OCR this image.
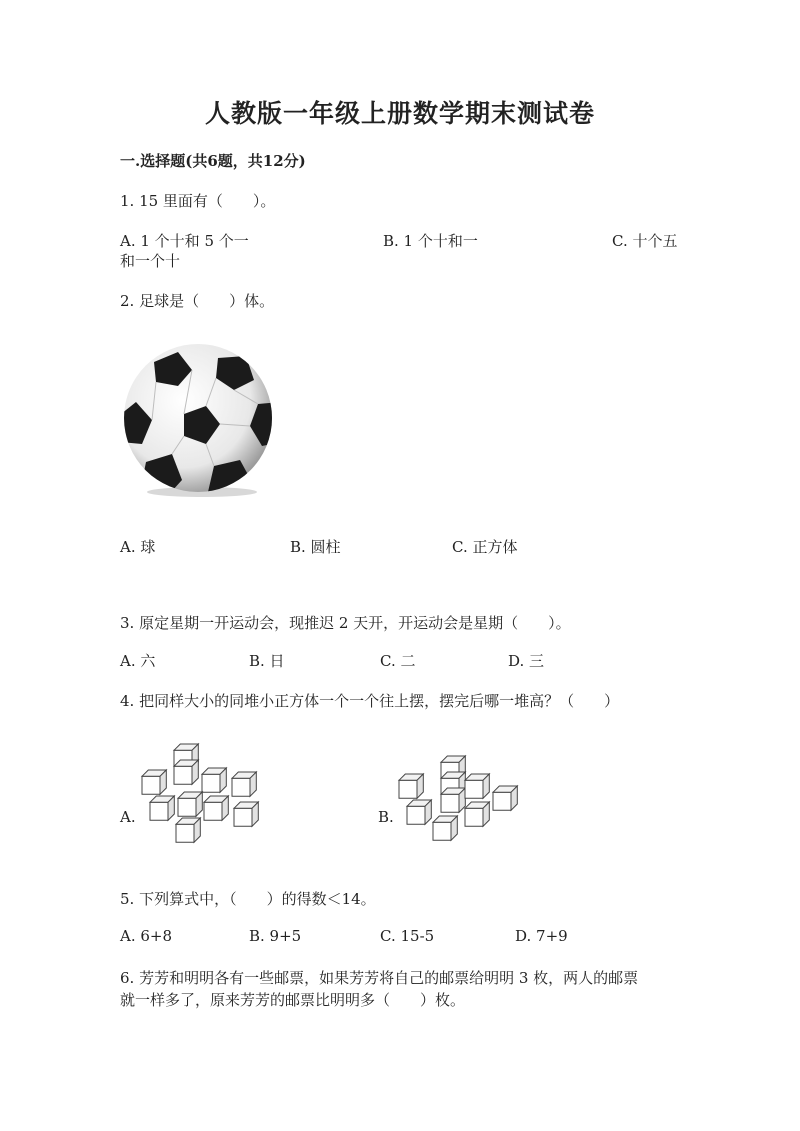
人教版一年级上册数学期末测试卷
一.选择题(共6题，共12分)
1. 15 里面有（　　）。
A. 1 个十和 5 个一	B. 1 个十和一	C. 十个五
和一个十
2. 足球是（　　）体。
A. 球	B. 圆柱	C. 正方体
3. 原定星期一开运动会，现推迟 2 天开，开运动会是星期（　　）。
A. 六	B. 日	C. 二	D. 三
4. 把同样大小的同堆小正方体一个一个往上摆，摆完后哪一堆高？（　　）
A.	B.
5. 下列算式中，（　　）的得数＜14。
A. 6+8	B. 9+5	C. 15-5	D. 7+9
6. 芳芳和明明各有一些邮票，如果芳芳将自己的邮票给明明 3 枚，两人的邮票
就一样多了，原来芳芳的邮票比明明多（　　）枚。
